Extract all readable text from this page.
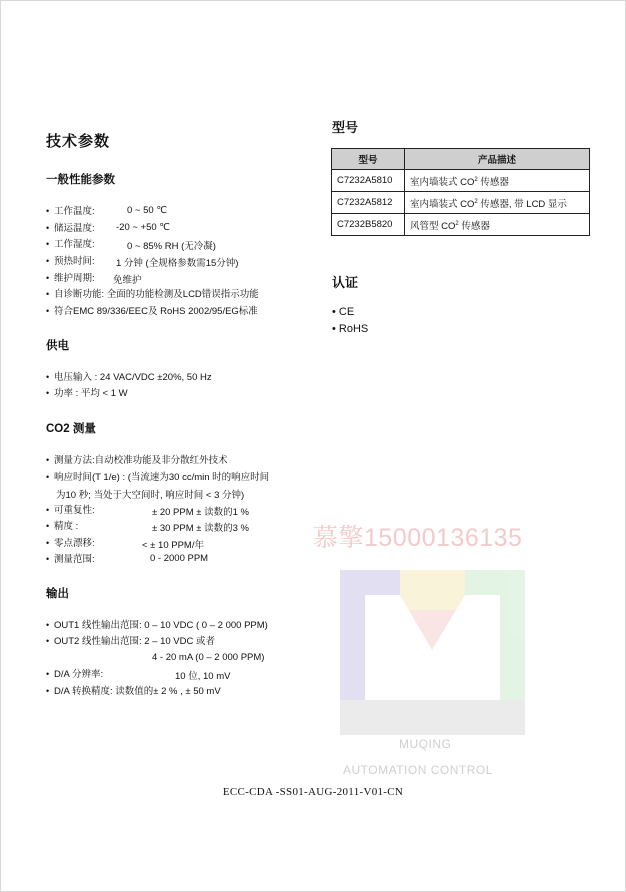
慕擎15000136135
MUQING
AUTOMATION CONTROL
技术参数
一般性能参数
• 工作温度:	0 ~ 50 ℃
• 储运温度: -20 ~ +50 ℃
• 工作湿度:	0 ~ 85% RH (无冷凝)
• 预热时间: 1 分钟 (全规格参数需15分钟)
• 维护周期: 免维护
• 自诊断功能: 全面的功能检测及LCD错误指示功能
• 符合EMC 89/336/EEC及 RoHS 2002/95/EG标准
供电
• 电压输入 : 24 VAC/VDC ±20%, 50 Hz
• 功率 : 平均 < 1 W
CO2 测量
• 测量方法:自动校准功能及非分散红外技术
• 响应时间(T 1/e) : (当流速为30 cc/min 时的响应时间
为10 秒; 当处于大空间时, 响应时间 < 3 分钟)
• 可重复性:	± 20 PPM ± 读数的1 %
• 精度 :	± 30 PPM ± 读数的3 %
• 零点漂移:	< ± 10 PPM/年
• 测量范围:	0 - 2000 PPM
输出
• OUT1 线性输出范围: 0 – 10 VDC ( 0 – 2 000 PPM)
• OUT2 线性输出范围: 2 – 10 VDC 或者
4 - 20 mA (0 – 2 000 PPM)
• D/A 分辨率:	10 位, 10 mV
• D/A 转换精度: 读数值的± 2 % , ± 50 mV
型号
型号	产品描述
C7232A5810	室内墙装式 $CO^2$ 传感器
C7232A5812	室内墙装式 $CO^2$ 传感器, 带 LCD 显示
C7232B5820	风管型 $CO^2$ 传感器
认证
• CE
• RoHS
ECC-CDA -SS01-AUG-2011-V01-CN
